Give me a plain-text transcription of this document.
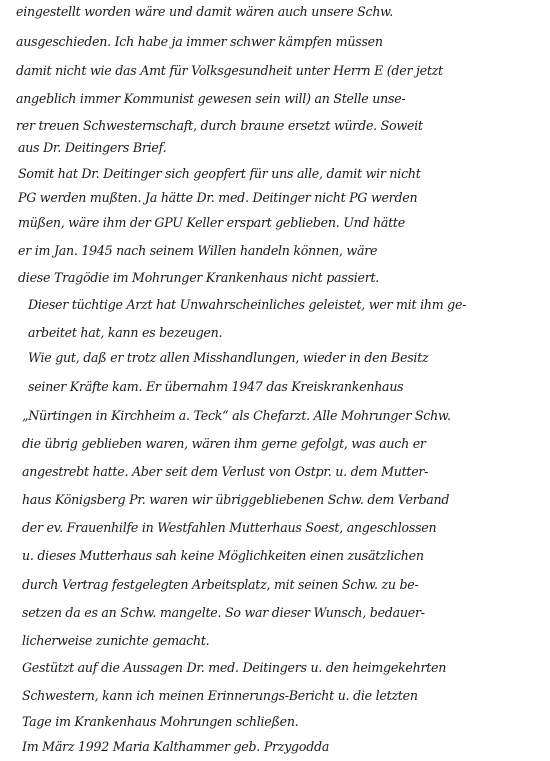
eingestellt worden wäre und damit wären auch unsere Schw.
ausgeschieden. Ich habe ja immer schwer kämpfen müssen
damit nicht wie das Amt für Volksgesundheit unter Herrn E (der jetzt
angeblich immer Kommunist gewesen sein will) an Stelle unse-
rer treuen Schwesternschaft, durch braune ersetzt würde. Soweit
aus Dr. Deitingers Brief.
Somit hat Dr. Deitinger sich geopfert für uns alle, damit wir nicht
PG werden mußten. Ja hätte Dr. med. Deitinger nicht PG werden
müßen, wäre ihm der GPU Keller erspart geblieben. Und hätte
er im Jan. 1945 nach seinem Willen handeln können, wäre
diese Tragödie im Mohrunger Krankenhaus nicht passiert.
Dieser tüchtige Arzt hat Unwahrscheinliches geleistet, wer mit ihm ge-
arbeitet hat, kann es bezeugen.
Wie gut, daß er trotz allen Misshandlungen, wieder in den Besitz
seiner Kräfte kam. Er übernahm 1947 das Kreiskrankenhaus
„Nürtingen in Kirchheim a. Teck“ als Chefarzt. Alle Mohrunger Schw.
die übrig geblieben waren, wären ihm gerne gefolgt, was auch er
angestrebt hatte. Aber seit dem Verlust von Ostpr. u. dem Mutter-
haus Königsberg Pr. waren wir übriggebliebenen Schw. dem Verband
der ev. Frauenhilfe in Westfahlen Mutterhaus Soest, angeschlossen
u. dieses Mutterhaus sah keine Möglichkeiten einen zusätzlichen
durch Vertrag festgelegten Arbeitsplatz, mit seinen Schw. zu be-
setzen da es an Schw. mangelte. So war dieser Wunsch, bedauer-
licherweise zunichte gemacht.
Gestützt auf die Aussagen Dr. med. Deitingers u. den heimgekehrten
Schwestern, kann ich meinen Erinnerungs-Bericht u. die letzten
Tage im Krankenhaus Mohrungen schließen.
Im März 1992 Maria Kalthammer geb. Przygodda
